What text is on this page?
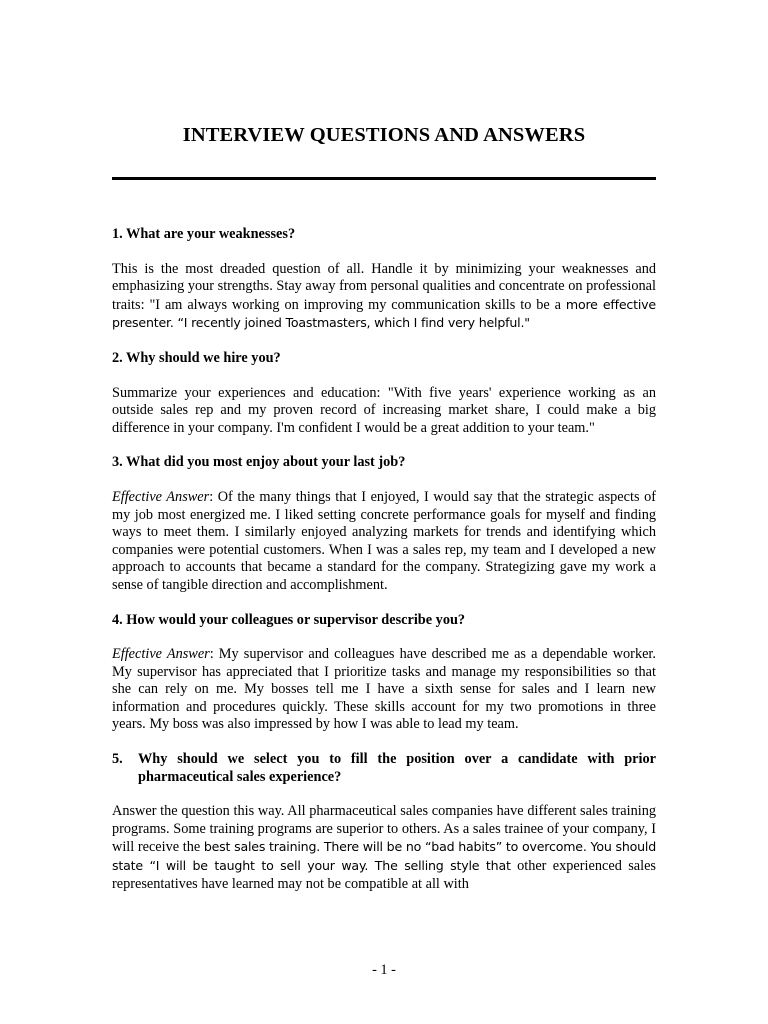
INTERVIEW QUESTIONS AND ANSWERS

1. What are your weaknesses?

This is the most dreaded question of all. Handle it by minimizing your weaknesses and emphasizing your strengths. Stay away from personal qualities and concentrate on professional traits: "I am always working on improving my communication skills to be a more effective presenter. “I recently joined Toastmasters, which I find very helpful."

2. Why should we hire you?

Summarize your experiences and education: "With five years' experience working as an outside sales rep and my proven record of increasing market share, I could make a big difference in your company. I'm confident I would be a great addition to your team."

3. What did you most enjoy about your last job?

Effective Answer: Of the many things that I enjoyed, I would say that the strategic aspects of my job most energized me. I liked setting concrete performance goals for myself and finding ways to meet them. I similarly enjoyed analyzing markets for trends and identifying which companies were potential customers. When I was a sales rep, my team and I developed a new approach to accounts that became a standard for the company. Strategizing gave my work a sense of tangible direction and accomplishment.

4. How would your colleagues or supervisor describe you?

Effective Answer: My supervisor and colleagues have described me as a dependable worker. My supervisor has appreciated that I prioritize tasks and manage my responsibilities so that she can rely on me. My bosses tell me I have a sixth sense for sales and I learn new information and procedures quickly. These skills account for my two promotions in three years. My boss was also impressed by how I was able to lead my team.

5.	Why should we select you to fill the position over a candidate with prior pharmaceutical sales experience?

Answer the question this way. All pharmaceutical sales companies have different sales training programs. Some training programs are superior to others. As a sales trainee of your company, I will receive the best sales training. There will be no “bad habits” to overcome. You should state “I will be taught to sell your way. The selling style that other experienced sales representatives have learned may not be compatible at all with

- 1 -
